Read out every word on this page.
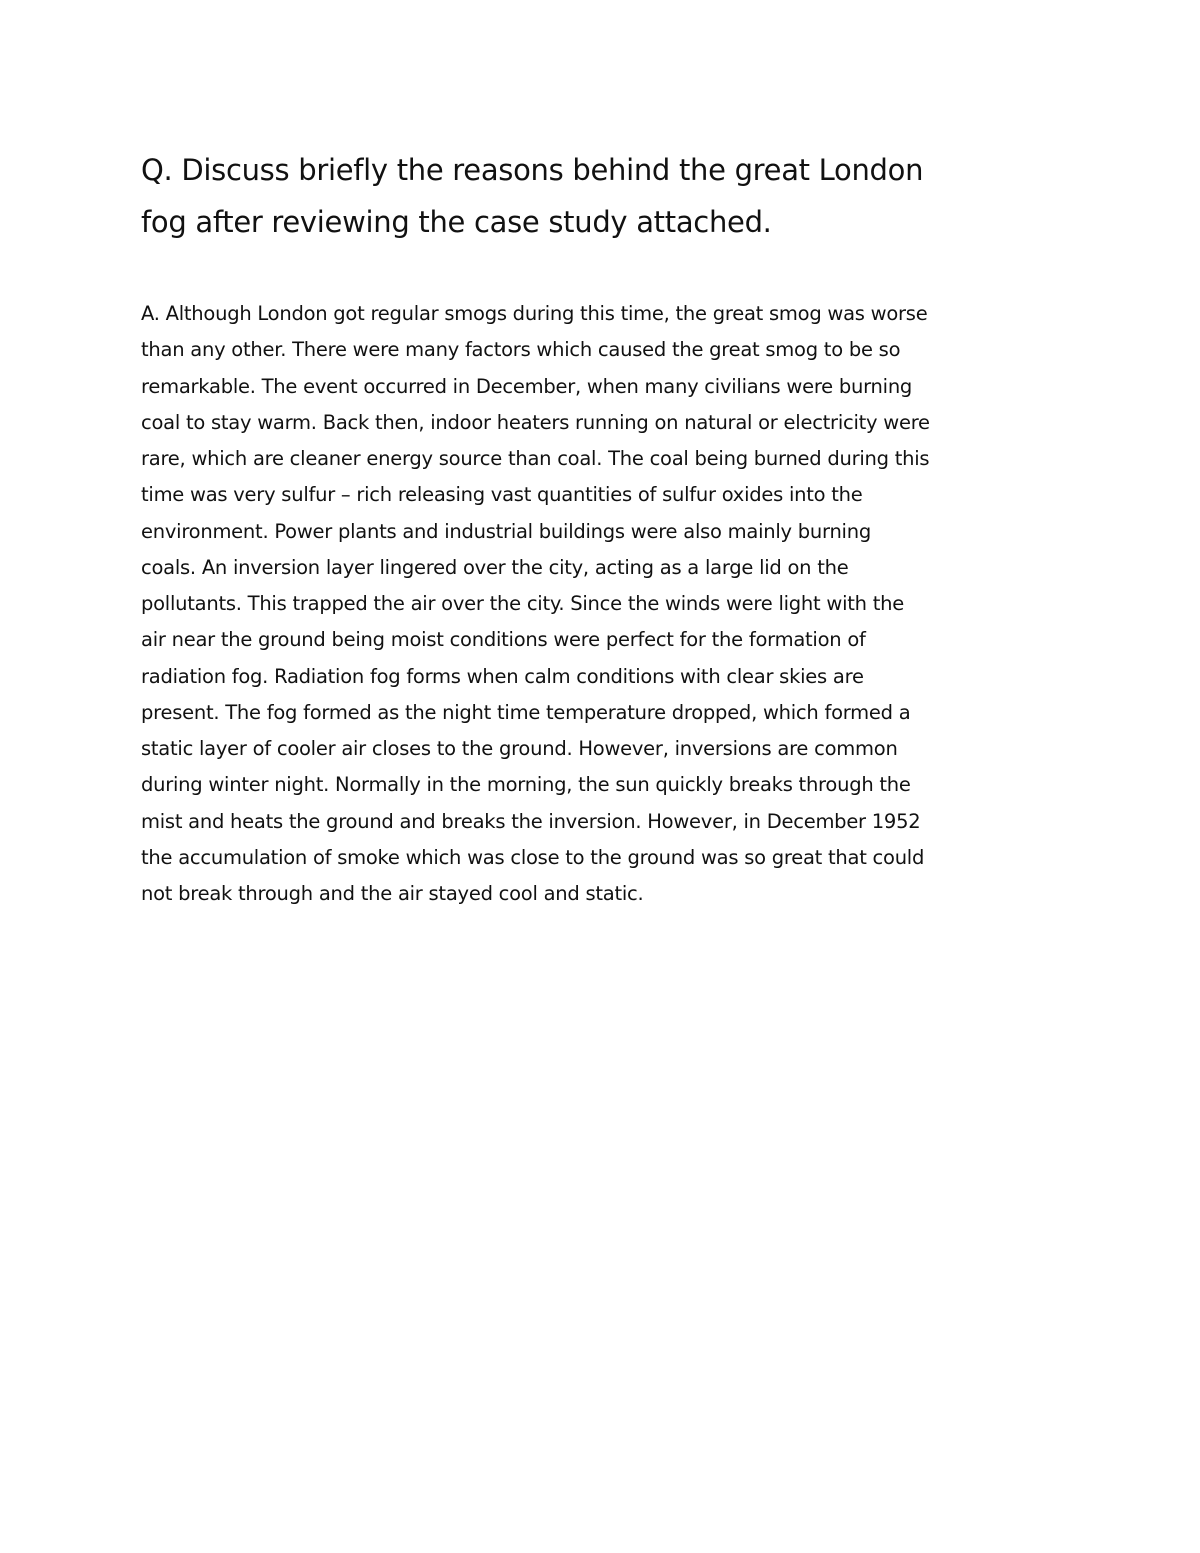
Q. Discuss briefly the reasons behind the great London
fog after reviewing the case study attached.

A. Although London got regular smogs during this time, the great smog was worse
than any other. There were many factors which caused the great smog to be so
remarkable. The event occurred in December, when many civilians were burning
coal to stay warm. Back then, indoor heaters running on natural or electricity were
rare, which are cleaner energy source than coal. The coal being burned during this
time was very sulfur – rich releasing vast quantities of sulfur oxides into the
environment. Power plants and industrial buildings were also mainly burning
coals. An inversion layer lingered over the city, acting as a large lid on the
pollutants. This trapped the air over the city. Since the winds were light with the
air near the ground being moist conditions were perfect for the formation of
radiation fog. Radiation fog forms when calm conditions with clear skies are
present. The fog formed as the night time temperature dropped, which formed a
static layer of cooler air closes to the ground. However, inversions are common
during winter night. Normally in the morning, the sun quickly breaks through the
mist and heats the ground and breaks the inversion. However, in December 1952
the accumulation of smoke which was close to the ground was so great that could
not break through and the air stayed cool and static.
